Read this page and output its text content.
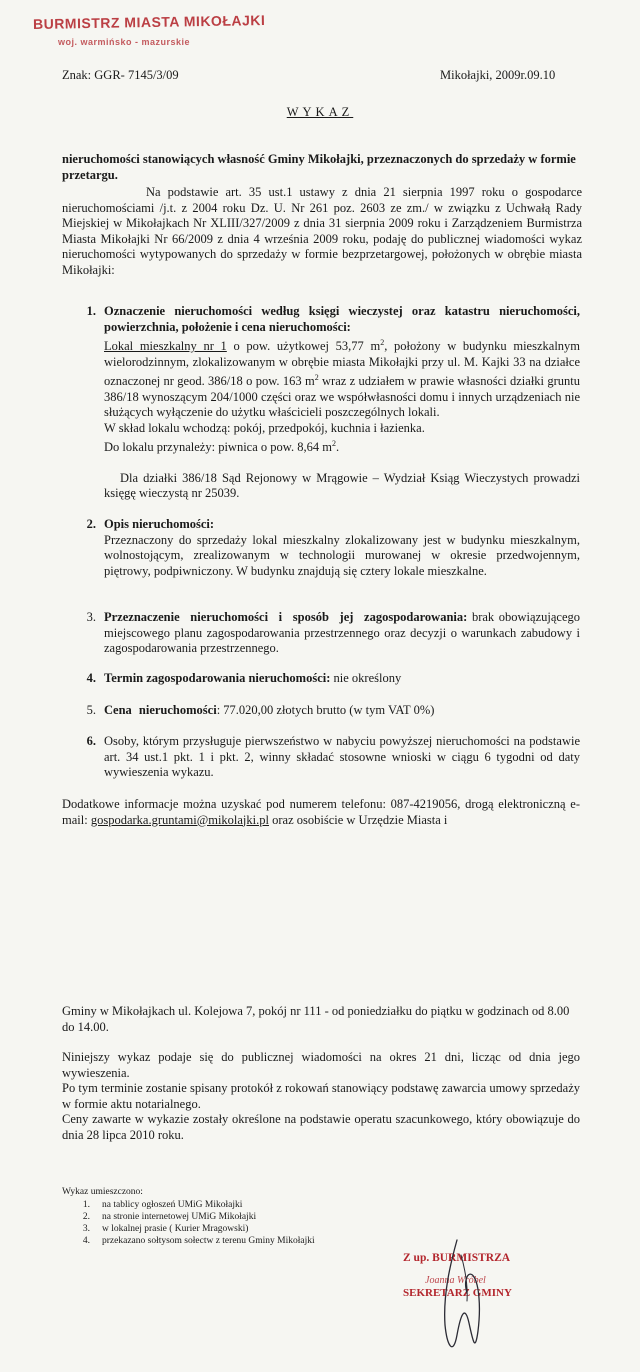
BURMISTRZ MIASTA MIKOŁAJKI
woj. warmińsko - mazurskie
Znak: GGR- 7145/3/09	Mikołajki, 2009r.09.10
WYKAZ
nieruchomości stanowiących własność Gminy Mikołajki, przeznaczonych do sprzedaży w formie przetargu.
Na podstawie art. 35 ust.1 ustawy z dnia 21 sierpnia 1997 roku o gospodarce nieruchomościami /j.t. z 2004 roku Dz. U. Nr 261 poz. 2603 ze zm./ w związku z Uchwałą Rady Miejskiej w Mikołajkach Nr XLIII/327/2009 z dnia 31 sierpnia 2009 roku i Zarządzeniem Burmistrza Miasta Mikołajki Nr 66/2009 z dnia 4 września 2009 roku, podaję do publicznej wiadomości wykaz nieruchomości wytypowanych do sprzedaży w formie bezprzetargowej, położonych w obrębie miasta Mikołajki:
1. Oznaczenie nieruchomości według księgi wieczystej oraz katastru nieruchomości, powierzchnia, położenie i cena nieruchomości:
Lokal mieszkalny nr 1 o pow. użytkowej 53,77 $m^2$, położony w budynku mieszkalnym wielorodzinnym, zlokalizowanym w obrębie miasta Mikołajki przy ul. M. Kajki 33 na działce oznaczonej nr geod. 386/18 o pow. 163 $m^2$ wraz z udziałem w prawie własności działki gruntu 386/18 wynoszącym 204/1000 części oraz we współwłasności domu i innych urządzeniach nie służących wyłączenie do użytku właścicieli poszczególnych lokali.
W skład lokalu wchodzą: pokój, przedpokój, kuchnia i łazienka.
Do lokalu przynależy: piwnica o pow. 8,64 $m^2$.
Dla działki 386/18 Sąd Rejonowy w Mrągowie – Wydział Ksiąg Wieczystych prowadzi księgę wieczystą nr 25039.
2. Opis nieruchomości:
Przeznaczony do sprzedaży lokal mieszkalny zlokalizowany jest w budynku mieszkalnym, wolnostojącym, zrealizowanym w technologii murowanej w okresie przedwojennym, piętrowy, podpiwniczony. W budynku znajdują się cztery lokale mieszkalne.
3. Przeznaczenie nieruchomości i sposób jej zagospodarowania: brak obowiązującego miejscowego planu zagospodarowania przestrzennego oraz decyzji o warunkach zabudowy i zagospodarowania przestrzennego.
4. Termin zagospodarowania nieruchomości: nie określony
5. Cena nieruchomości: 77.020,00 złotych brutto (w tym VAT 0%)
6. Osoby, którym przysługuje pierwszeństwo w nabyciu powyższej nieruchomości na podstawie art. 34 ust.1 pkt. 1 i pkt. 2, winny składać stosowne wnioski w ciągu 6 tygodni od daty wywieszenia wykazu.
Dodatkowe informacje można uzyskać pod numerem telefonu: 087-4219056, drogą elektroniczną e-mail: gospodarka.gruntami@mikolajki.pl oraz osobiście w Urzędzie Miasta i
Gminy w Mikołajkach ul. Kolejowa 7, pokój nr 111 - od poniedziałku do piątku w godzinach od 8.00 do 14.00.
Niniejszy wykaz podaje się do publicznej wiadomości na okres 21 dni, licząc od dnia jego wywieszenia.
Po tym terminie zostanie spisany protokół z rokowań stanowiący podstawę zawarcia umowy sprzedaży w formie aktu notarialnego.
Ceny zawarte w wykazie zostały określone na podstawie operatu szacunkowego, który obowiązuje do dnia 28 lipca 2010 roku.
Wykaz umieszczono:
1. na tablicy ogłoszeń UMiG Mikołajki
2. na stronie internetowej UMiG Mikołajki
3. w lokalnej prasie ( Kurier Mragowski)
4. przekazano sołtysom sołectw z terenu Gminy Mikołajki
Z up. BURMISTRZA
Joanna Wróbel
SEKRETARZ GMINY
